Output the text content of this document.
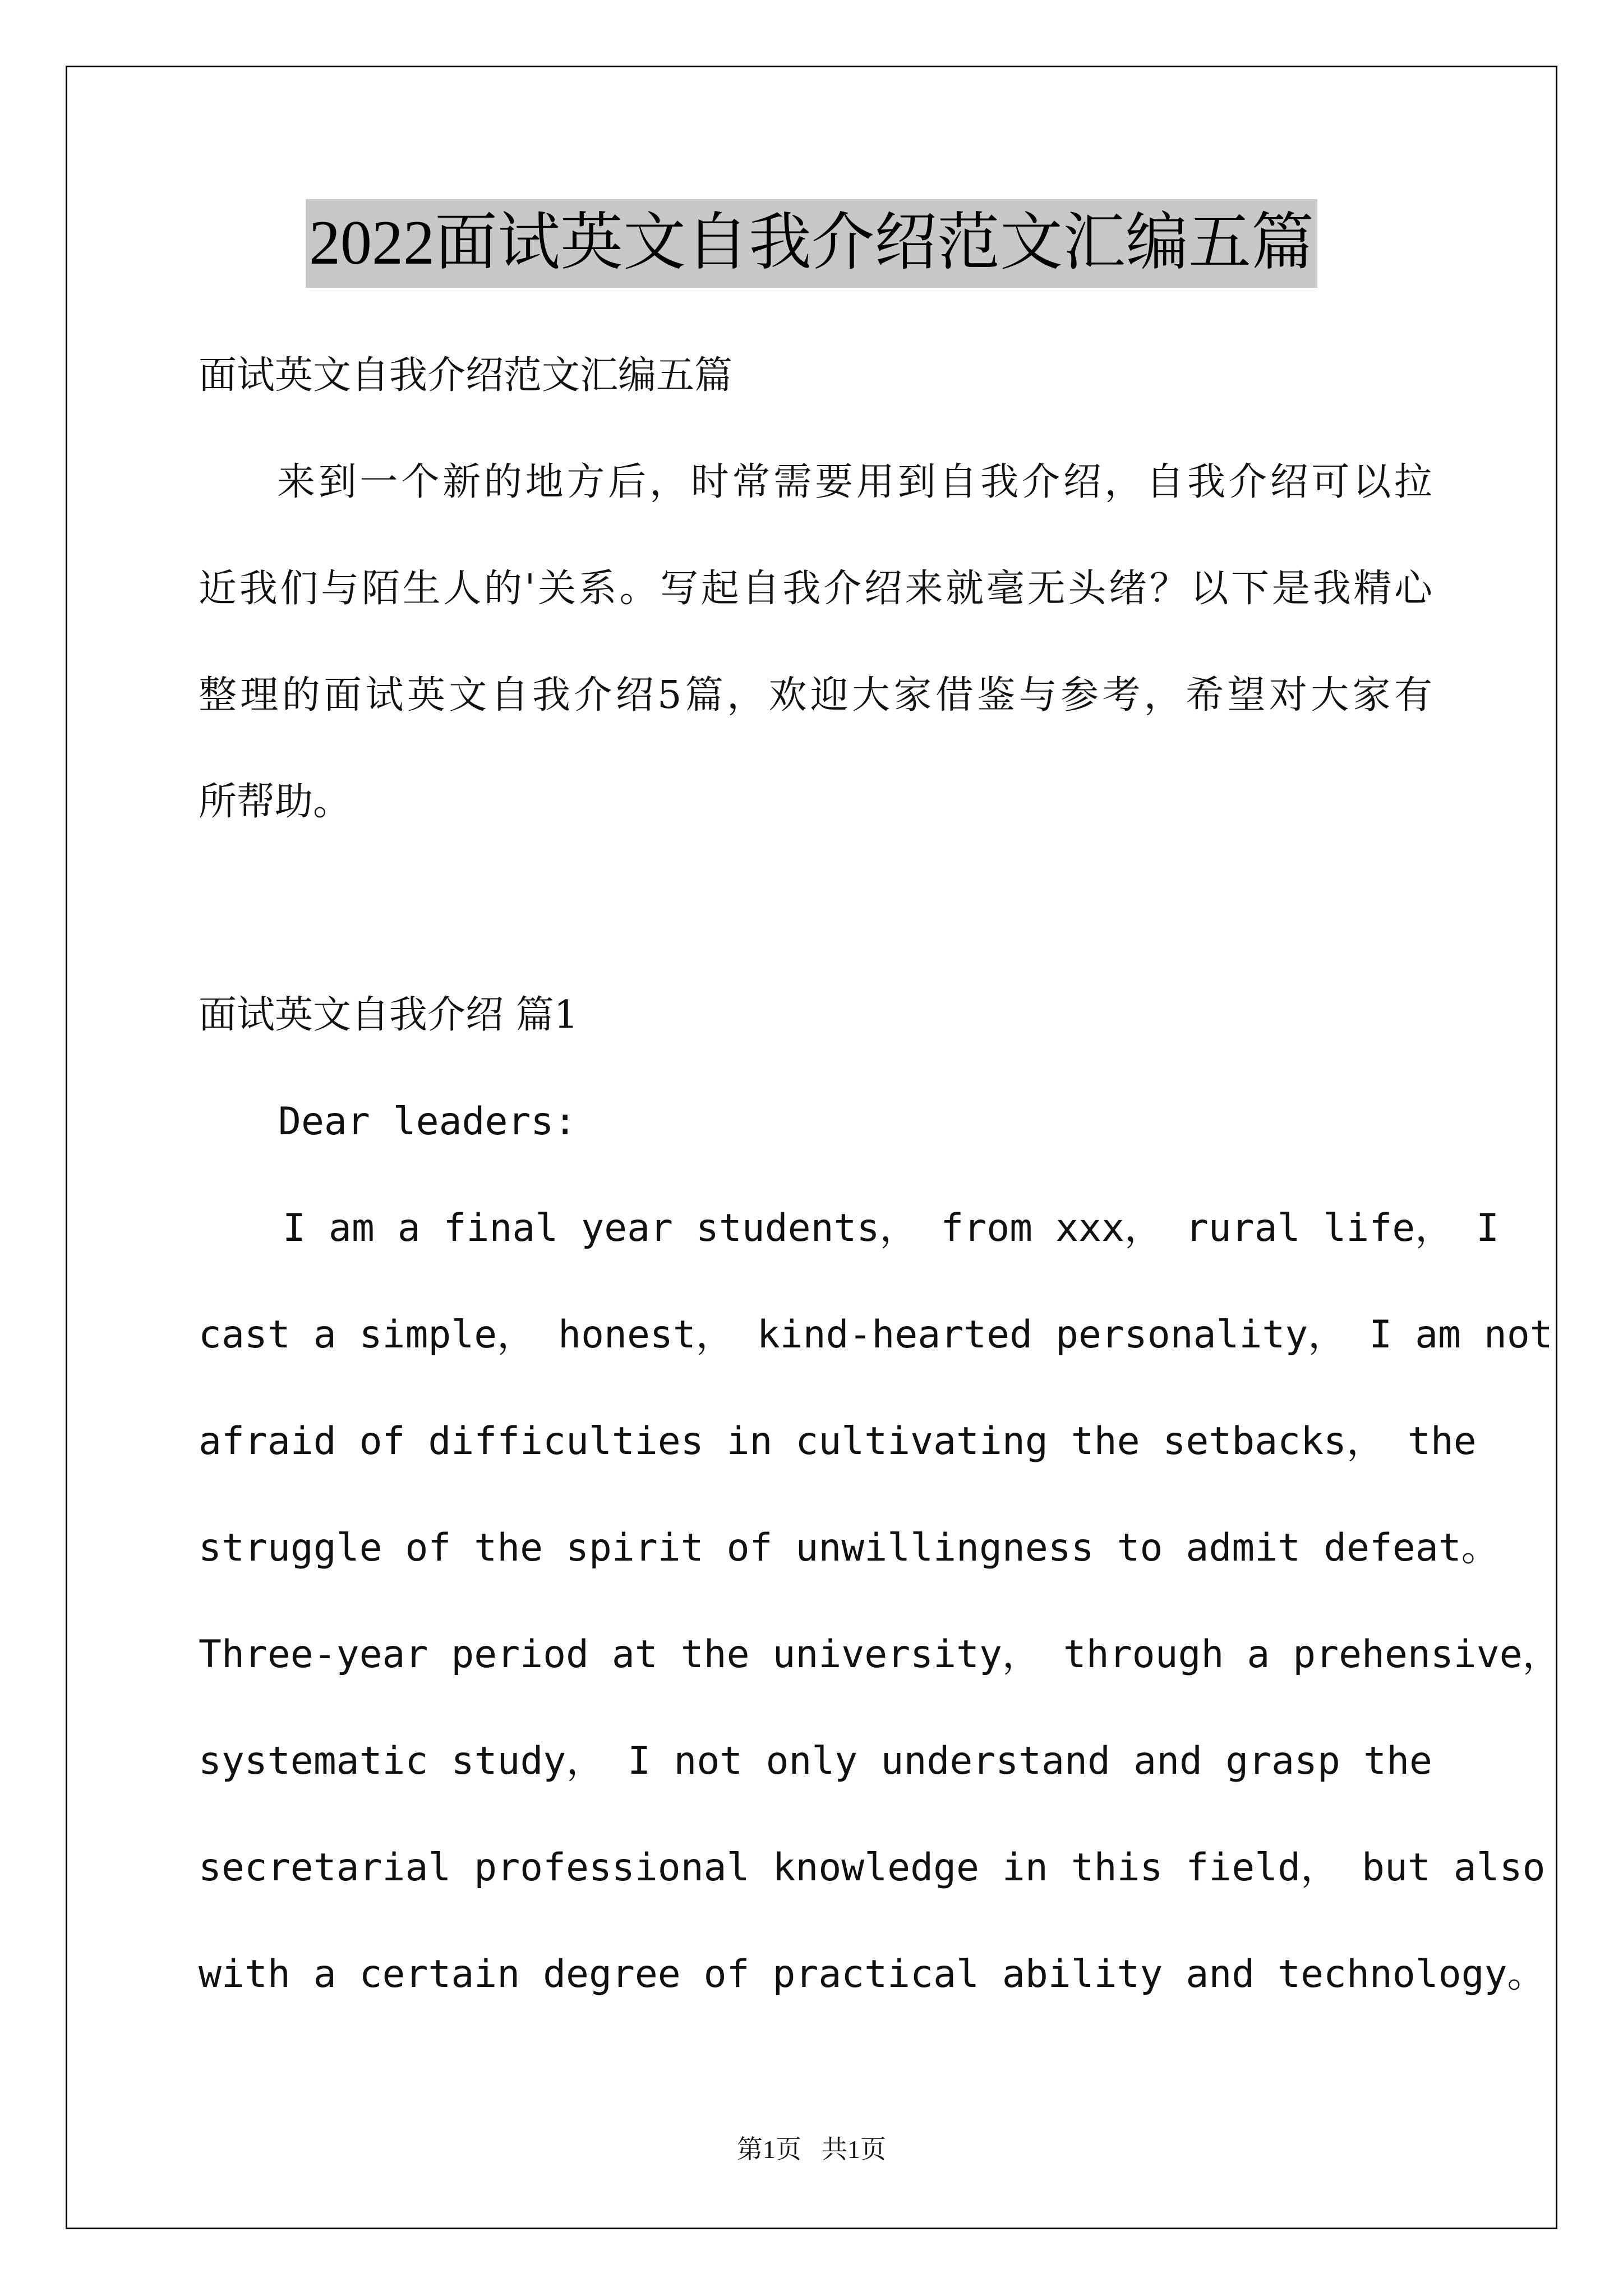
2022面试英文自我介绍范文汇编五篇
面试英文自我介绍范文汇编五篇
来到一个新的地方后，时常需要用到自我介绍，自我介绍可以拉
近我们与陌生人的'关系。写起自我介绍来就毫无头绪？以下是我精心
整理的面试英文自我介绍5篇，欢迎大家借鉴与参考，希望对大家有
所帮助。
面试英文自我介绍 篇1
Dear leaders:
I am a final year students， from xxx， rural life， I
cast a simple， honest， kind-hearted personality， I am not
afraid of difficulties in cultivating the setbacks， the
struggle of the spirit of unwillingness to admit defeat。
Three-year period at the university， through a prehensive，
systematic study， I not only understand and grasp the
secretarial professional knowledge in this field， but also
with a certain degree of practical ability and technology。
第1页 共1页
